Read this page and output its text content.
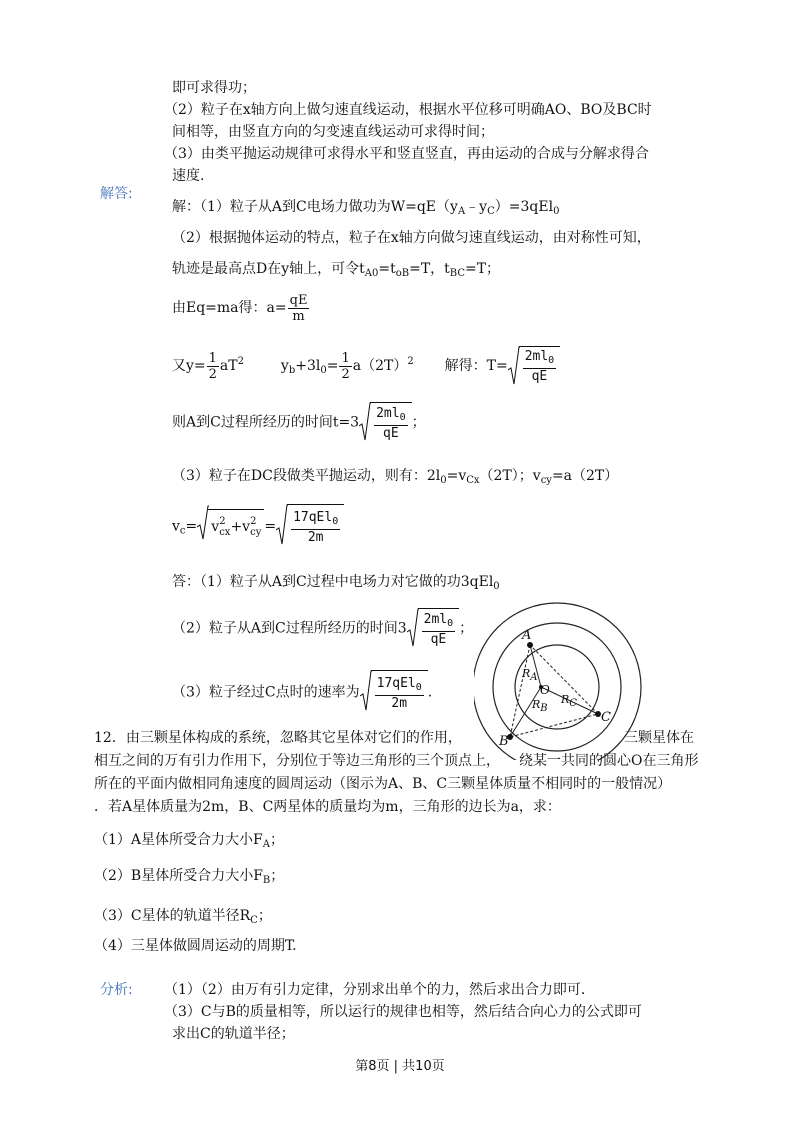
即可求得功；
（2）粒子在x轴方向上做匀速直线运动，根据水平位移可明确AO、BO及BC时
间相等，由竖直方向的匀变速直线运动可求得时间；
（3）由类平抛运动规律可求得水平和竖直竖直，再由运动的合成与分解求得合
速度.
解答:
解：（1）粒子从A到C电场力做功为$W=qE(y_A﹣y_C)=3qEl_0$
（2）根据抛体运动的特点，粒子在x轴方向做匀速直线运动，由对称性可知，
轨迹是最高点D在y轴上，可令$t_{A0}=t_{oB}=T$，$t_{BC}=T$；
由Eq=ma得：$a= \frac{qE}{m}$
又$y= \frac{1}{2} aT^2$	$y_b+3l_0= \frac{1}{2} a(2T)^2$ 解得：$T= \frac{2ml_0}{qE}$
则A到C过程所经历的时间$t=3 \frac{2ml_0}{qE}$ ；
（3）粒子在DC段做类平抛运动，则有：$2l_0=v_{Cx}(2T)$；$v_{cy}=a(2T)$
$v_c= v$ 2
cx +v 2
cy = $\frac{17qEl_0}{2m}$
答：（1）粒子从A到C过程中电场力对它做的功3qEl$_0$
（2）粒子从A到C过程所经历的时间$3 \frac{2ml_0}{qE}$ ；
（3）粒子经过C点时的速率为 $\frac{17qEl_0}{2m}$ .
A
B
C
O
$R_A$
$R_B$
$R_C$
12．由三颗星体构成的系统，忽略其它星体对它们的作用，	三颗星体在
相互之间的万有引力作用下，分别位于等边三角形的三个顶点上， 绕某一共同的圆心O在三角形
所在的平面内做相同角速度的圆周运动（图示为A、B、C三颗星体质量不相同时的一般情况）
．若A星体质量为2m，B、C两星体的质量均为m，三角形的边长为a，求：
（1）A星体所受合力大小$F_A$；
（2）B星体所受合力大小$F_B$；
（3）C星体的轨道半径$R_C$；
（4）三星体做圆周运动的周期T.
分析: （1）（2）由万有引力定律，分别求出单个的力，然后求出合力即可．
（3）C与B的质量相等，所以运行的规律也相等，然后结合向心力的公式即可
求出C的轨道半径；
第8页 | 共10页
